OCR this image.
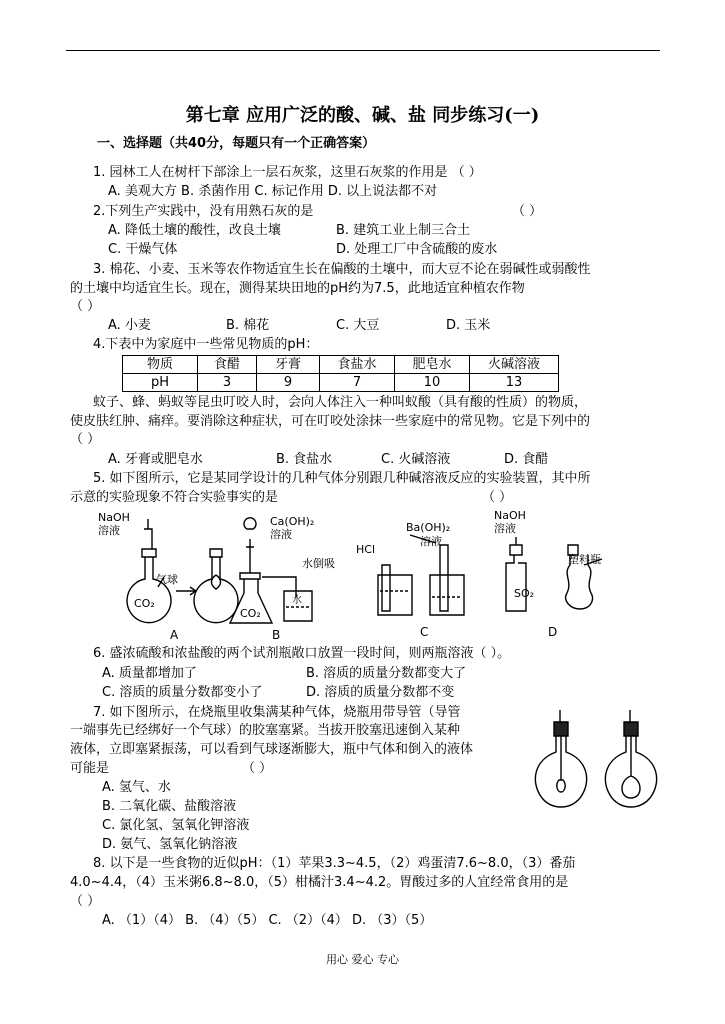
第七章 应用广泛的酸、碱、盐 同步练习(一)
一、选择题（共40分，每题只有一个正确答案）
1. 园林工人在树杆下部涂上一层石灰浆，这里石灰浆的作用是 （ ）
A. 美观大方 B. 杀菌作用 C. 标记作用 D. 以上说法都不对
2.下列生产实践中，没有用熟石灰的是	（ ）
A. 降低土壤的酸性，改良土壤	B. 建筑工业上制三合土
C. 干燥气体	D. 处理工厂中含硫酸的废水
3. 棉花、小麦、玉米等农作物适宜生长在偏酸的土壤中，而大豆不论在弱碱性或弱酸性
的土壤中均适宜生长。现在，测得某块田地的pH约为7.5，此地适宜种植农作物
（ ）
A. 小麦	B. 棉花	C. 大豆	D. 玉米
4.下表中为家庭中一些常见物质的pH：
物质	食醋	牙膏	食盐水	肥皂水	火碱溶液
pH	3	9	7	10	13
蚊子、蜂、蚂蚁等昆虫叮咬人时，会向人体注入一种叫蚁酸（具有酸的性质）的物质，
使皮肤红肿、痛痒。要消除这种症状，可在叮咬处涂抹一些家庭中的常见物。它是下列中的
（ ）
A. 牙膏或肥皂水	B. 食盐水	C. 火碱溶液	D. 食醋
5. 如下图所示，它是某同学设计的几种气体分别跟几种碱溶液反应的实验装置，其中所
示意的实验现象不符合实验事实的是	（ ）
NaOH
溶液
气球
CO₂
A
Ca(OH)₂
溶液
水倒吸
CO₂
水
B
HCl
Ba(OH)₂
溶液
C
NaOH
溶液
塑料瓶
SO₂
D
6. 盛浓硫酸和浓盐酸的两个试剂瓶敞口放置一段时间，则两瓶溶液（ ）。
A. 质量都增加了	B. 溶质的质量分数都变大了
C. 溶质的质量分数都变小了	D. 溶质的质量分数都不变
7. 如下图所示，在烧瓶里收集满某种气体，烧瓶用带导管（导管
一端事先已经绑好一个气球）的胶塞塞紧。当拔开胶塞迅速倒入某种
液体，立即塞紧振荡，可以看到气球逐渐膨大，瓶中气体和倒入的液体
可能是	（ ）
A. 氢气、水
B. 二氧化碳、盐酸溶液
C. 氯化氢、氢氧化钾溶液
D. 氨气、氢氧化钠溶液
8. 以下是一些食物的近似pH：（1）苹果3.3~4.5，（2）鸡蛋清7.6~8.0，（3）番茄
4.0~4.4，（4）玉米粥6.8~8.0，（5）柑橘汁3.4~4.2。胃酸过多的人宜经常食用的是
（ ）
A. （1）（4） B. （4）（5） C. （2）（4） D. （3）（5）
用心 爱心 专心
